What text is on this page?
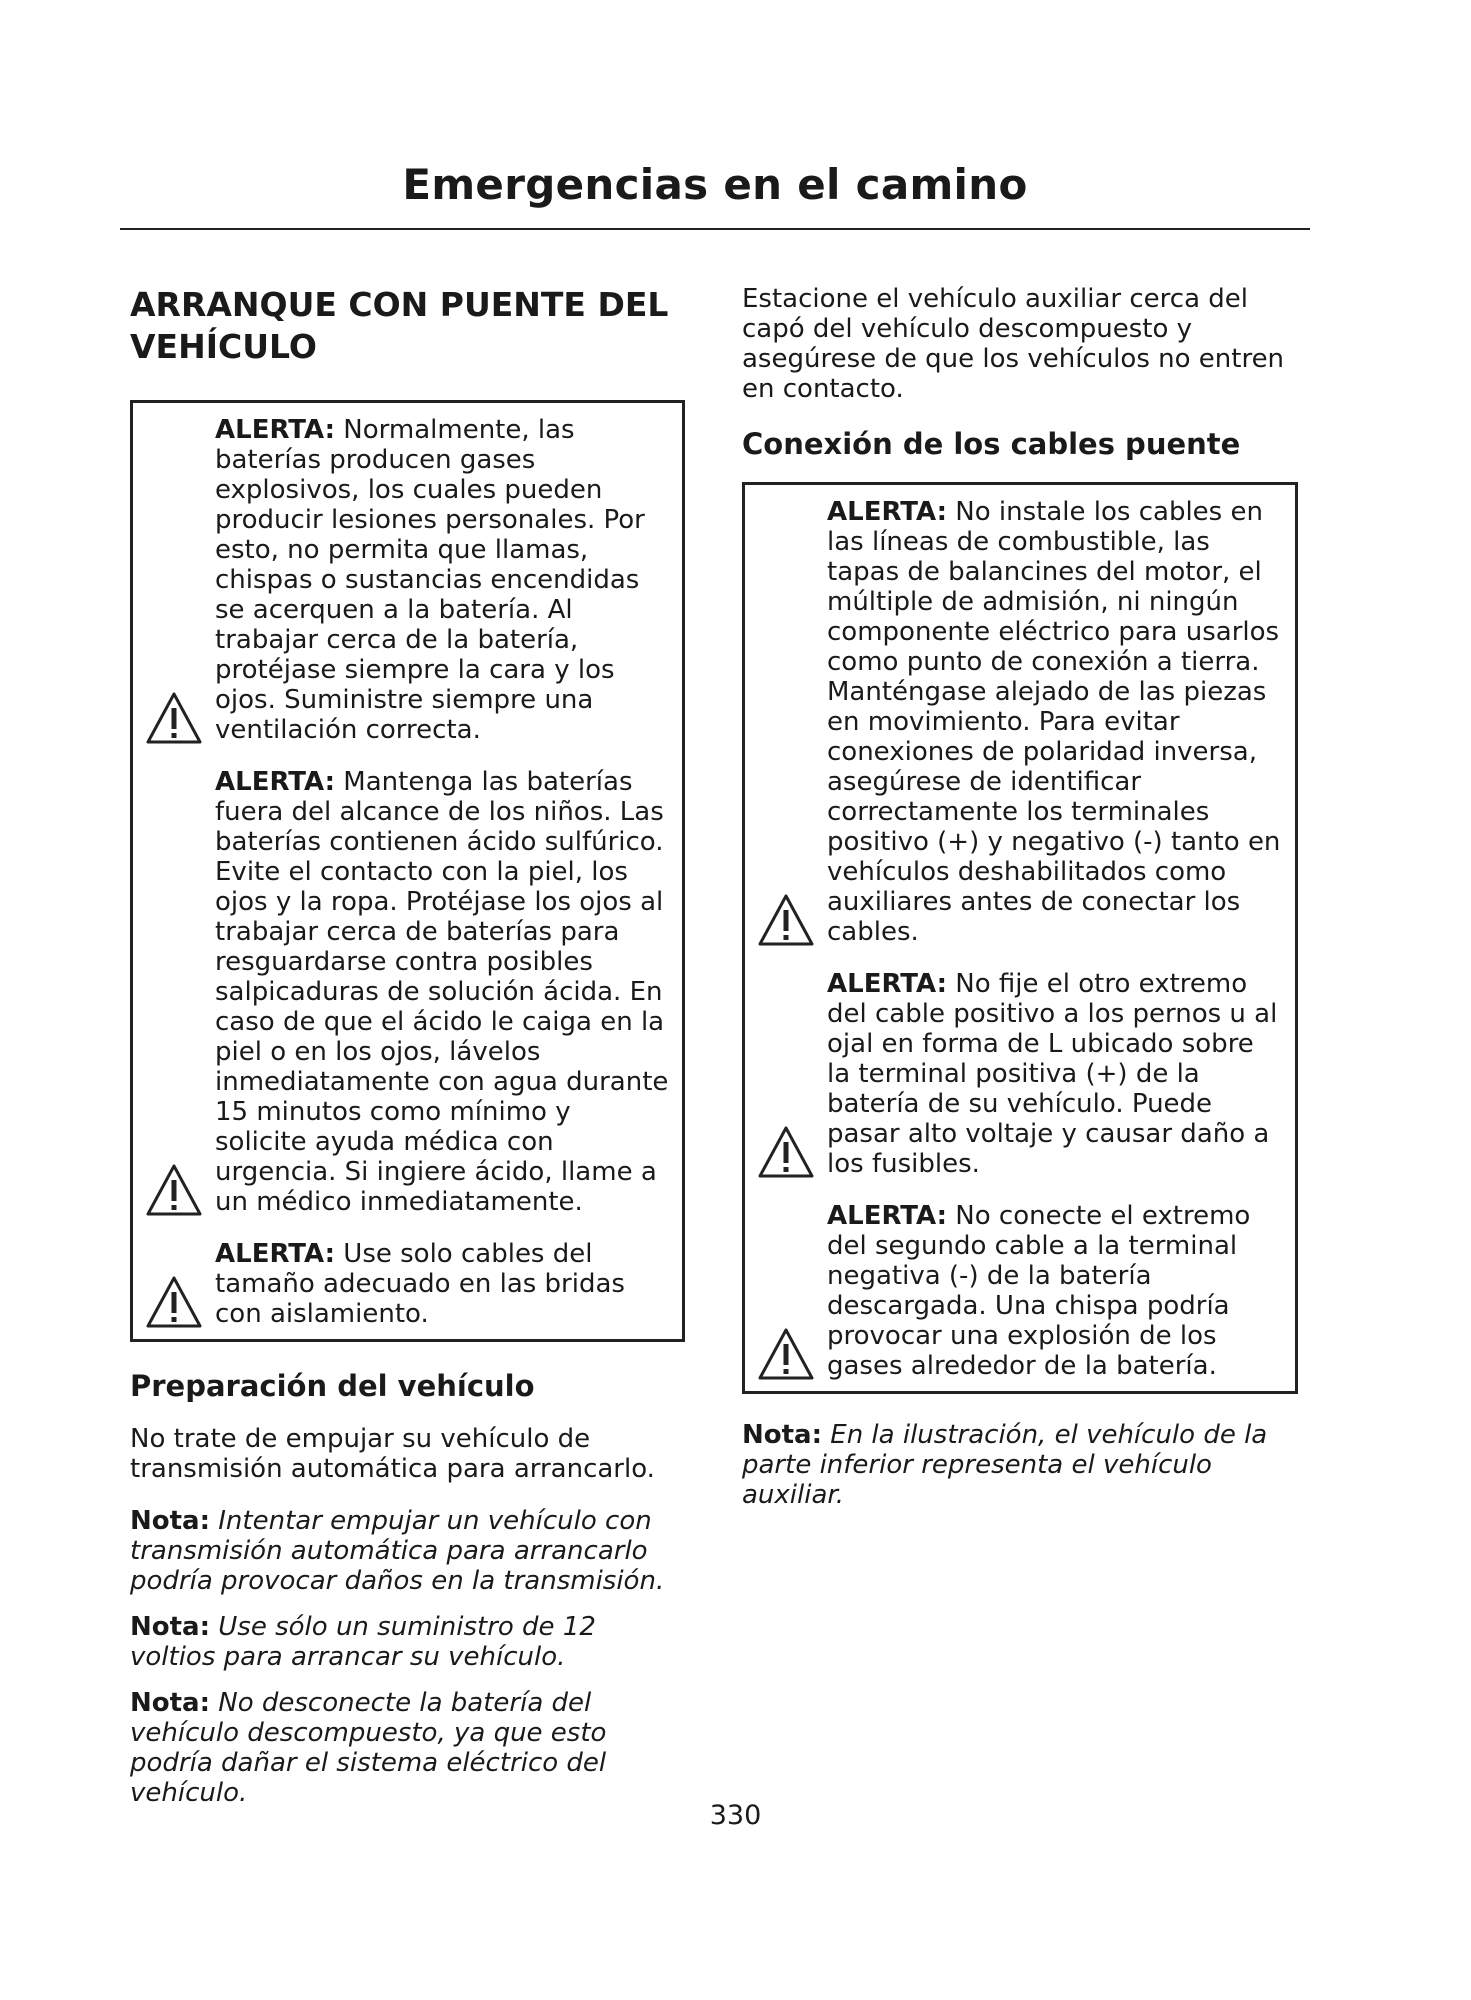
Emergencias en el camino
ARRANQUE CON PUENTE DEL VEHÍCULO
ALERTA: Normalmente, las baterías producen gases explosivos, los cuales pueden producir lesiones personales. Por esto, no permita que llamas, chispas o sustancias encendidas se acerquen a la batería. Al trabajar cerca de la batería, protéjase siempre la cara y los ojos. Suministre siempre una ventilación correcta.
ALERTA: Mantenga las baterías fuera del alcance de los niños. Las baterías contienen ácido sulfúrico. Evite el contacto con la piel, los ojos y la ropa. Protéjase los ojos al trabajar cerca de baterías para resguardarse contra posibles salpicaduras de solución ácida. En caso de que el ácido le caiga en la piel o en los ojos, lávelos inmediatamente con agua durante 15 minutos como mínimo y solicite ayuda médica con urgencia. Si ingiere ácido, llame a un médico inmediatamente.
ALERTA: Use solo cables del tamaño adecuado en las bridas con aislamiento.
Preparación del vehículo

No trate de empujar su vehículo de transmisión automática para arrancarlo.

Nota: Intentar empujar un vehículo con transmisión automática para arrancarlo podría provocar daños en la transmisión.

Nota: Use sólo un suministro de 12 voltios para arrancar su vehículo.

Nota: No desconecte la batería del vehículo descompuesto, ya que esto podría dañar el sistema eléctrico del vehículo.

Estacione el vehículo auxiliar cerca del capó del vehículo descompuesto y asegúrese de que los vehículos no entren en contacto.

Conexión de los cables puente
ALERTA: No instale los cables en las líneas de combustible, las tapas de balancines del motor, el múltiple de admisión, ni ningún componente eléctrico para usarlos como punto de conexión a tierra. Manténgase alejado de las piezas en movimiento. Para evitar conexiones de polaridad inversa, asegúrese de identificar correctamente los terminales positivo (+) y negativo (-) tanto en vehículos deshabilitados como auxiliares antes de conectar los cables.
ALERTA: No fije el otro extremo del cable positivo a los pernos u al ojal en forma de L ubicado sobre la terminal positiva (+) de la batería de su vehículo. Puede pasar alto voltaje y causar daño a los fusibles.
ALERTA: No conecte el extremo del segundo cable a la terminal negativa (-) de la batería descargada. Una chispa podría provocar una explosión de los gases alrededor de la batería.

Nota: En la ilustración, el vehículo de la parte inferior representa el vehículo auxiliar.

330
